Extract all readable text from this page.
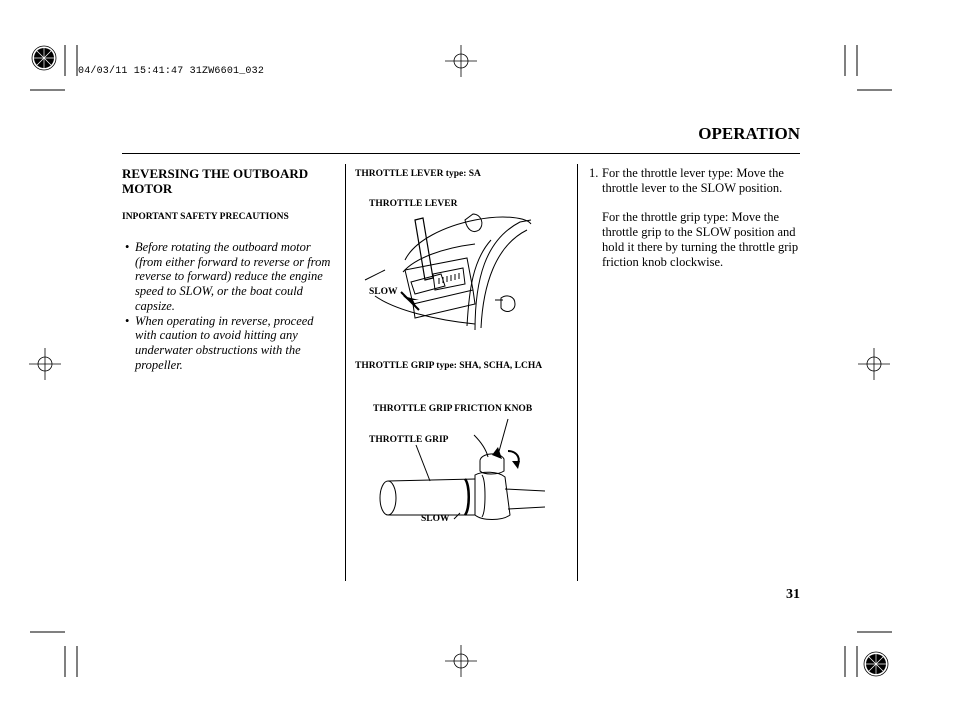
04/03/11 15:41:47 31ZW6601_032
OPERATION
REVERSING THE OUTBOARD MOTOR
INPORTANT SAFETY PRECAUTIONS
• Before rotating the outboard motor (from either forward to reverse or from reverse to forward) reduce the engine speed to SLOW, or the boat could capsize.
• When operating in reverse, proceed with caution to avoid hitting any underwater obstructions with the propeller.
THROTTLE LEVER type: SA
THROTTLE LEVER
SLOW
THROTTLE GRIP type: SHA, SCHA, LCHA
THROTTLE GRIP FRICTION KNOB
THROTTLE GRIP
SLOW
1. For the throttle lever type: Move the throttle lever to the SLOW position.

For the throttle grip type: Move the throttle grip to the SLOW position and hold it there by turning the throttle grip friction knob clockwise.

31
